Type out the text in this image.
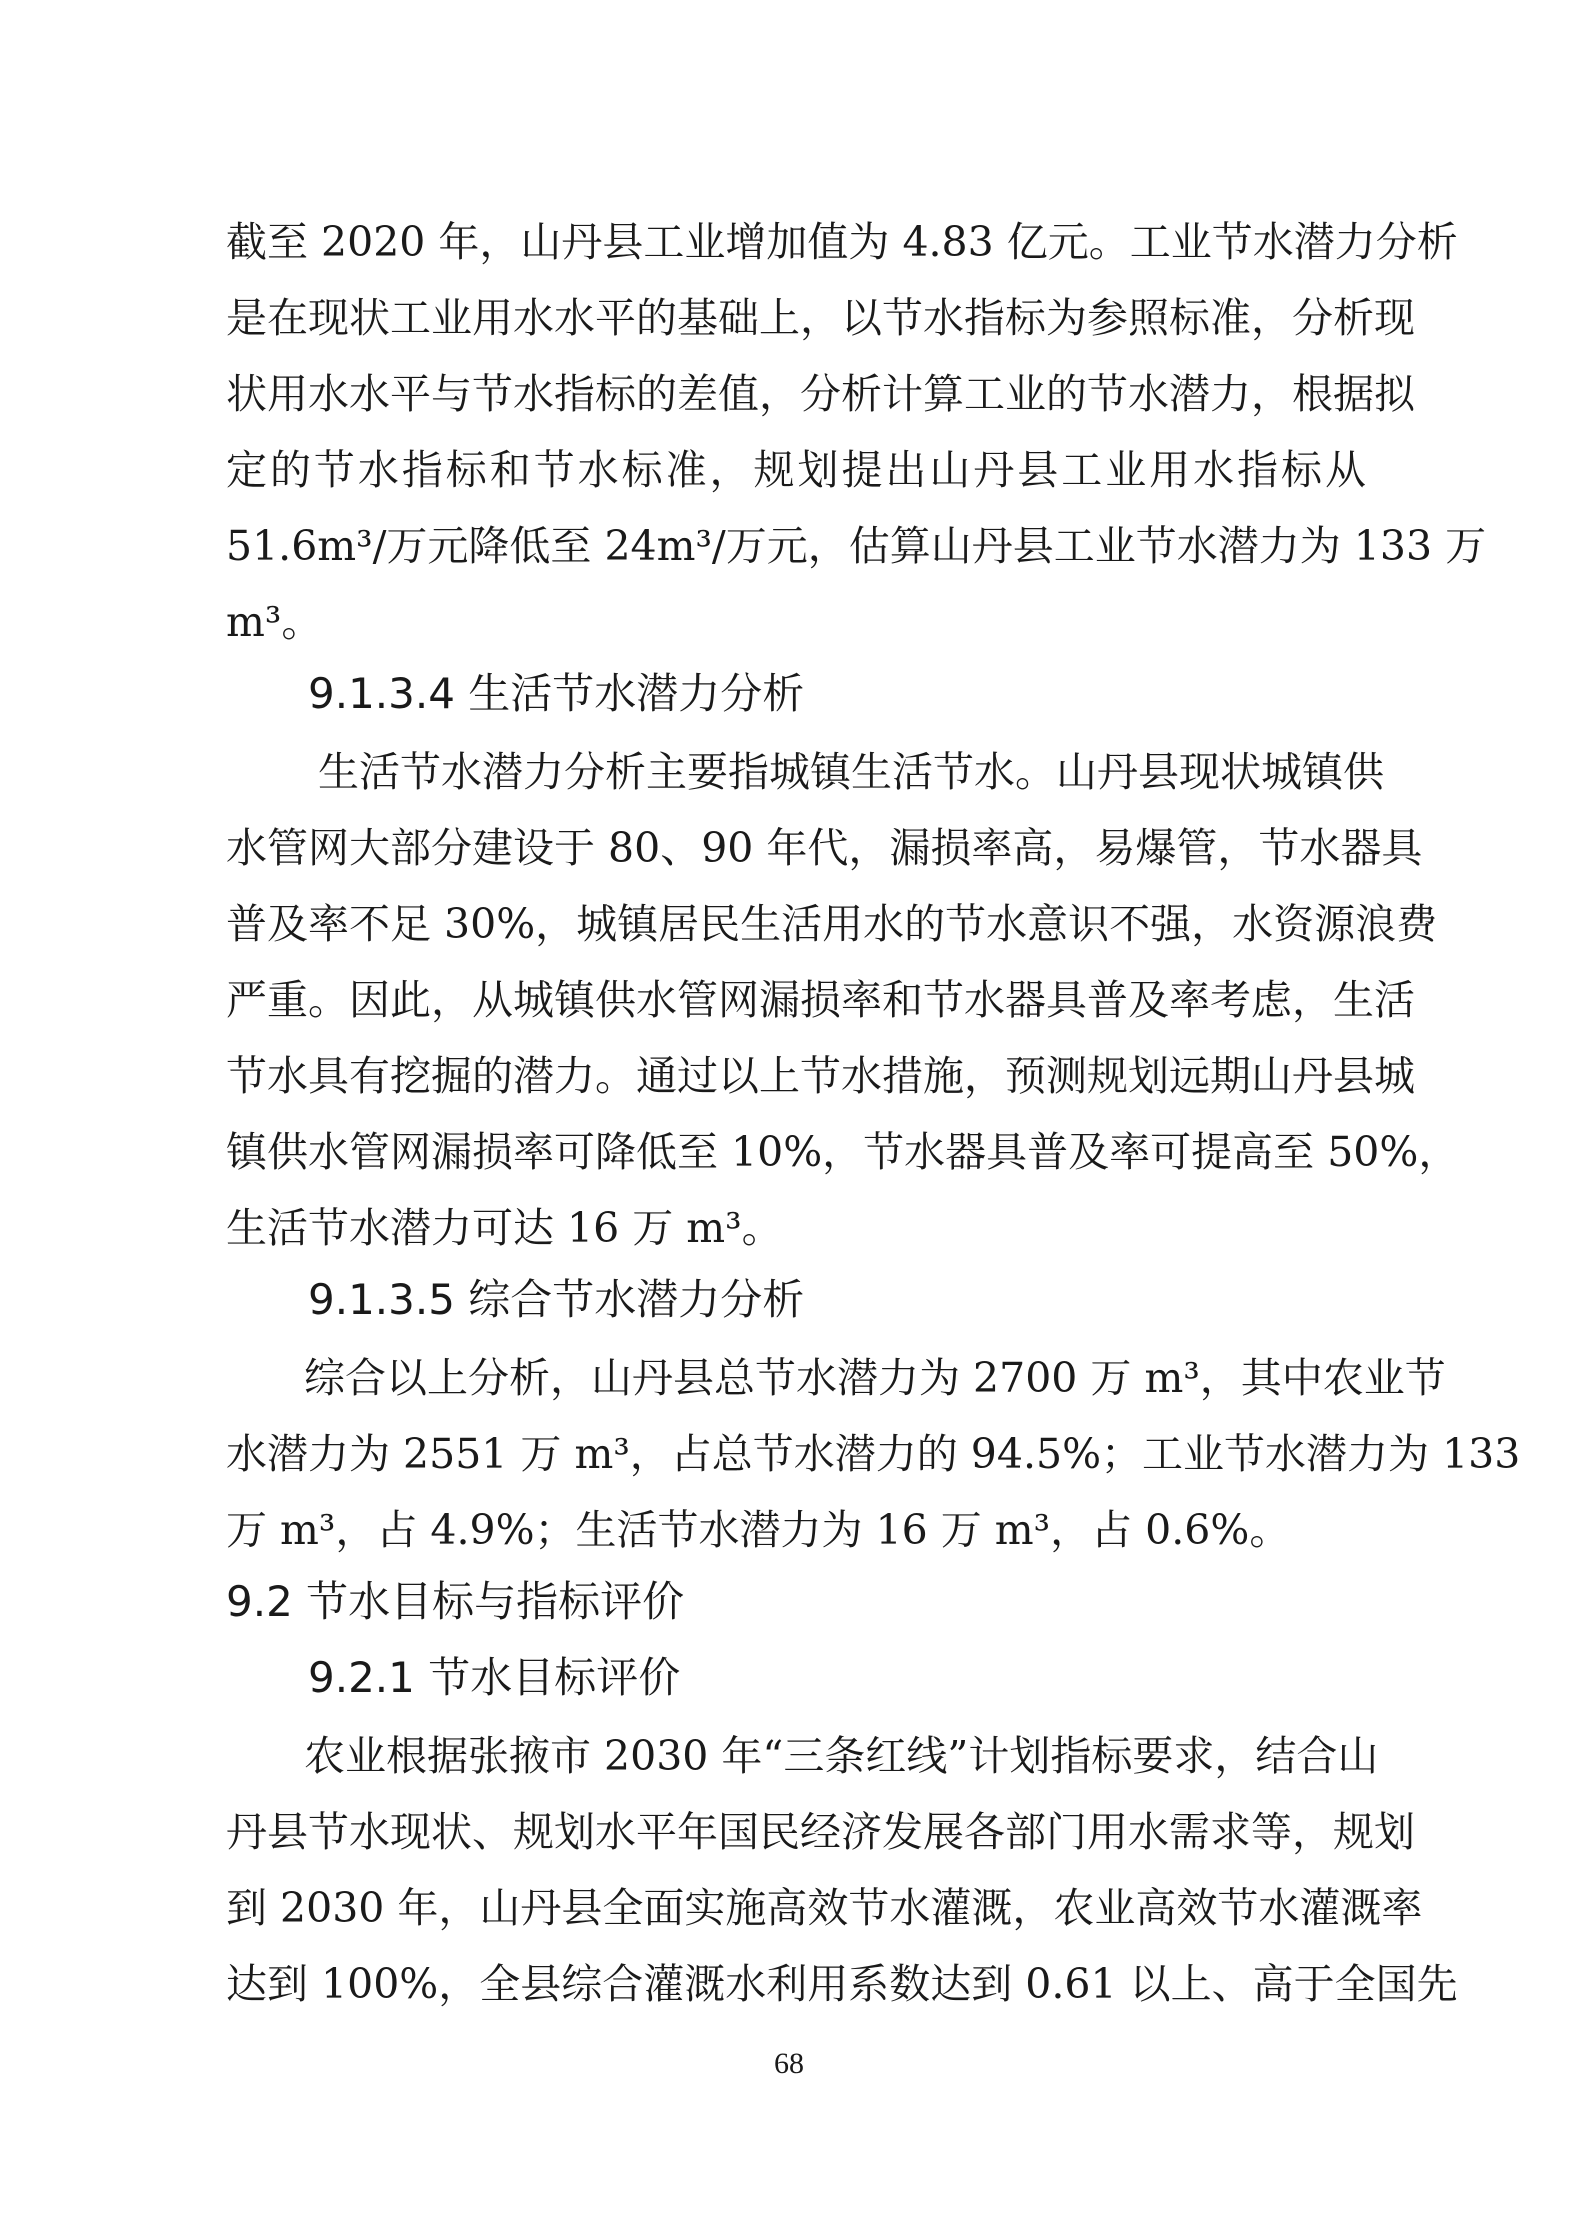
截至 2020 年，山丹县工业增加值为 4.83 亿元。工业节水潜力分析
是在现状工业用水水平的基础上，以节水指标为参照标准，分析现
状用水水平与节水指标的差值，分析计算工业的节水潜力，根据拟
定的节水指标和节水标准，规划提出山丹县工业用水指标从
51.6m³/万元降低至 24m³/万元，估算山丹县工业节水潜力为 133 万
m³。
9.1.3.4 生活节水潜力分析
生活节水潜力分析主要指城镇生活节水。山丹县现状城镇供
水管网大部分建设于 80、90 年代，漏损率高，易爆管，节水器具
普及率不足 30%，城镇居民生活用水的节水意识不强，水资源浪费
严重。因此，从城镇供水管网漏损率和节水器具普及率考虑，生活
节水具有挖掘的潜力。通过以上节水措施，预测规划远期山丹县城
镇供水管网漏损率可降低至 10%，节水器具普及率可提高至 50%，
生活节水潜力可达 16 万 m³。
9.1.3.5 综合节水潜力分析
综合以上分析，山丹县总节水潜力为 2700 万 m³，其中农业节
水潜力为 2551 万 m³，占总节水潜力的 94.5%；工业节水潜力为 133
万 m³，占 4.9%；生活节水潜力为 16 万 m³，占 0.6%。
9.2 节水目标与指标评价
9.2.1 节水目标评价
农业根据张掖市 2030 年“三条红线”计划指标要求，结合山
丹县节水现状、规划水平年国民经济发展各部门用水需求等，规划
到 2030 年，山丹县全面实施高效节水灌溉，农业高效节水灌溉率
达到 100%，全县综合灌溉水利用系数达到 0.61 以上、高于全国先
68
